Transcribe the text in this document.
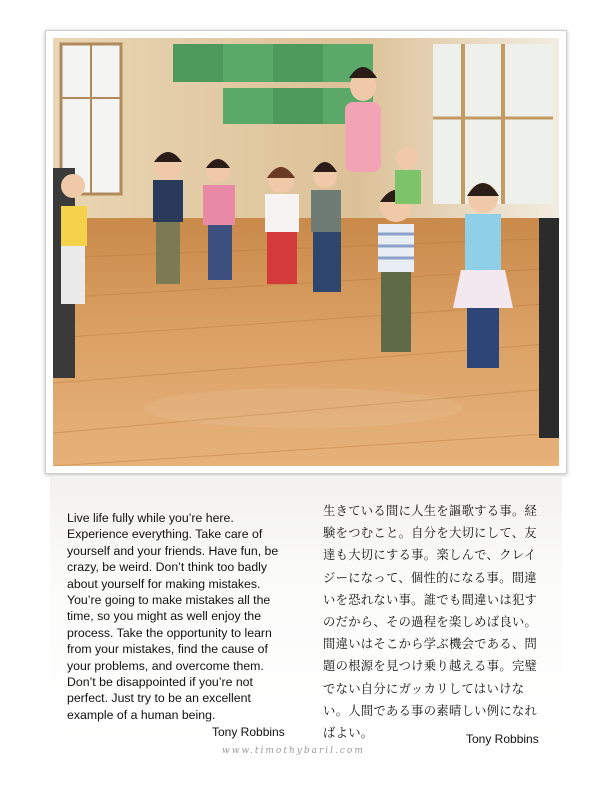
Live life fully while you’re here.
Experience everything. Take care of
yourself and your friends. Have fun, be
crazy, be weird. Don’t think too badly
about yourself for making mistakes.
You’re going to make mistakes all the
time, so you might as well enjoy the
process. Take the opportunity to learn
from your mistakes, find the cause of
your problems, and overcome them.
Don’t be disappointed if you’re not
perfect. Just try to be an excellent
example of a human being.
生きている間に人生を謳歌する事。経
験をつむこと。自分を大切にして、友
達も大切にする事。楽しんで、クレイ
ジーになって、個性的になる事。間違
いを恐れない事。誰でも間違いは犯す
のだから、その過程を楽しめば良い。
間違いはそこから学ぶ機会である、問
題の根源を見つけ乗り越える事。完璧
でない自分にガッカリしてはいけな
い。人間である事の素晴しい例になれ
ばよい。
Tony Robbins	Tony Robbins
www.timothybaril.com
